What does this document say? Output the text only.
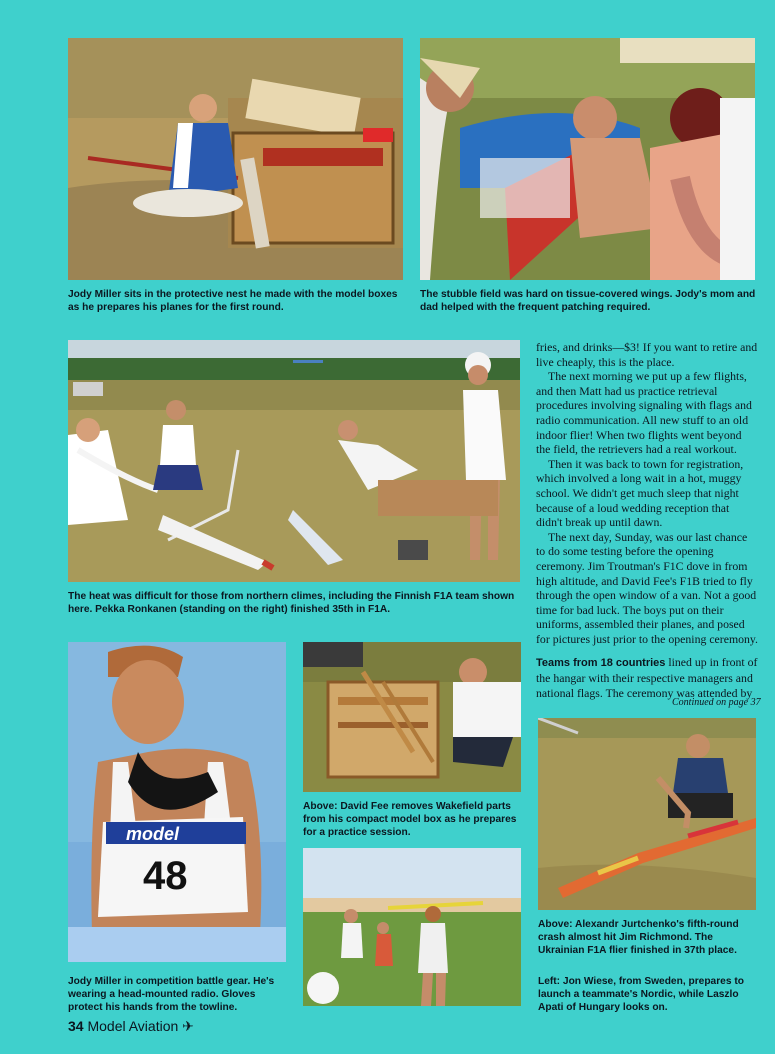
Jody Miller sits in the protective nest he made with the model boxes as he prepares his planes for the first round.

The stubble field was hard on tissue-covered wings. Jody's mom and dad helped with the frequent patching required.

The heat was difficult for those from northern climes, including the Finnish F1A team shown here. Pekka Ronkanen (standing on the right) finished 35th in F1A.

fries, and drinks—$3! If you want to retire and live cheaply, this is the place.

The next morning we put up a few flights, and then Matt had us practice retrieval procedures involving signaling with flags and radio communication. All new stuff to an old indoor flier! When two flights went beyond the field, the retrievers had a real workout.

Then it was back to town for registration, which involved a long wait in a hot, muggy school. We didn't get much sleep that night because of a loud wedding reception that didn't break up until dawn.

The next day, Sunday, was our last chance to do some testing before the opening ceremony. Jim Troutman's F1C dove in from high altitude, and David Fee's F1B tried to fly through the open window of a van. Not a good time for bad luck. The boys put on their uniforms, assembled their planes, and posed for pictures just prior to the opening ceremony.

Teams from 18 countries lined up in front of the hangar with their respective managers and national flags. The ceremony was attended by

Continued on page 37
model
48

Jody Miller in competition battle gear. He's wearing a head-mounted radio. Gloves protect his hands from the towline.

Above: David Fee removes Wakefield parts from his compact model box as he prepares for a practice session.

Above: Alexandr Jurtchenko's fifth-round crash almost hit Jim Richmond. The Ukrainian F1A flier finished in 37th place.

Left: Jon Wiese, from Sweden, prepares to launch a teammate's Nordic, while Laszlo Apati of Hungary looks on.

34 Model Aviation ✈
